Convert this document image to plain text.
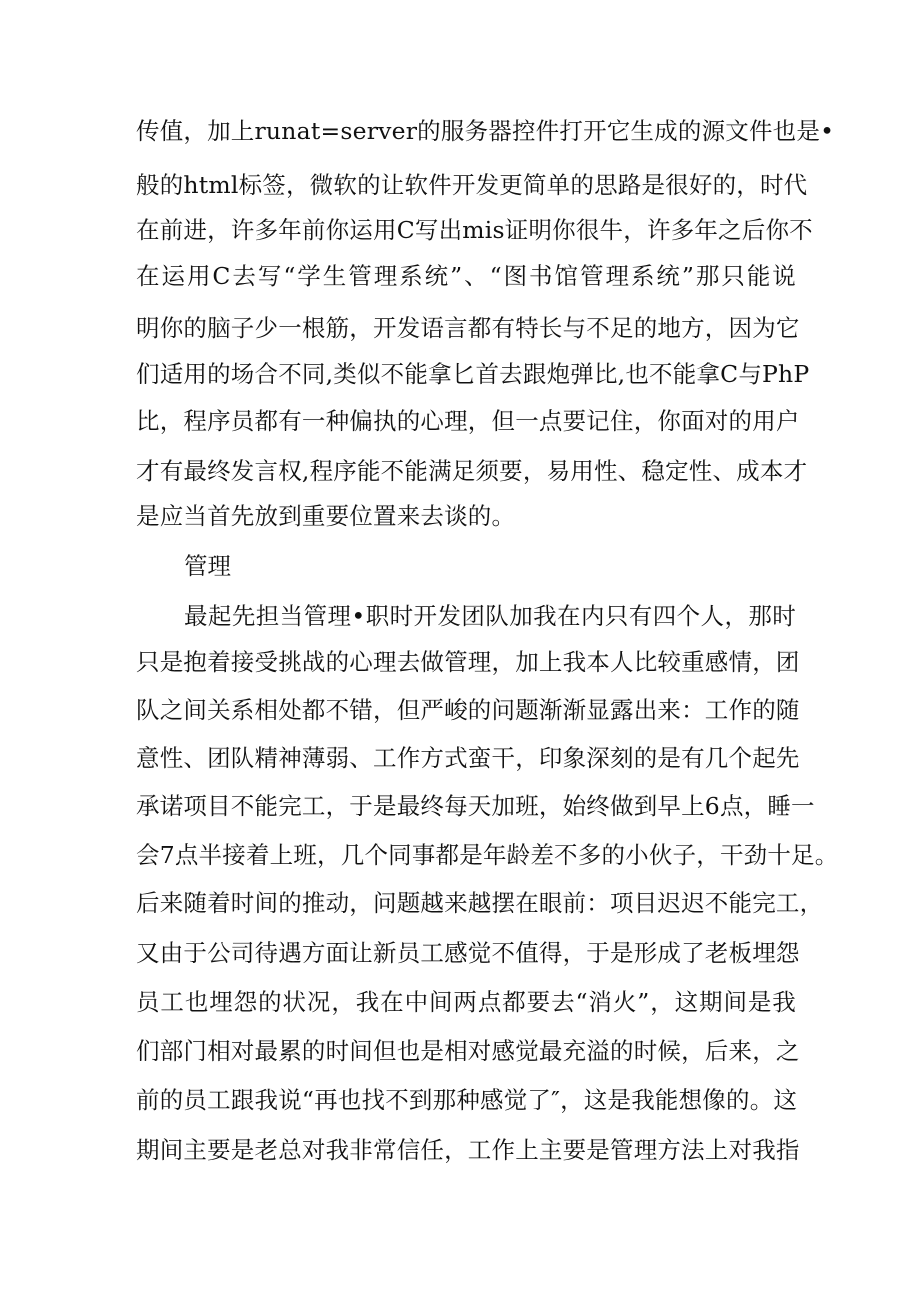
传值，加上runat=server的服务器控件打开它生成的源文件也是•
般的html标签，微软的让软件开发更简单的思路是很好的，时代
在前进，许多年前你运用C写出mis证明你很牛，许多年之后你不
在运用C去写“学生管理系统”、“图书馆管理系统”那只能说
明你的脑子少一根筋，开发语言都有特长与不足的地方，因为它
们适用的场合不同,类似不能拿匕首去跟炮弹比,也不能拿C与PhP
比，程序员都有一种偏执的心理，但一点要记住，你面对的用户
才有最终发言权,程序能不能满足须要，易用性、稳定性、成本才
是应当首先放到重要位置来去谈的。
管理
最起先担当管理•职时开发团队加我在内只有四个人，那时
只是抱着接受挑战的心理去做管理，加上我本人比较重感情，团
队之间关系相处都不错，但严峻的问题渐渐显露出来：工作的随
意性、团队精神薄弱、工作方式蛮干，印象深刻的是有几个起先
承诺项目不能完工，于是最终每天加班，始终做到早上6点，睡一
会7点半接着上班，几个同事都是年龄差不多的小伙子，干劲十足。
后来随着时间的推动，问题越来越摆在眼前：项目迟迟不能完工，
又由于公司待遇方面让新员工感觉不值得，于是形成了老板埋怨
员工也埋怨的状况，我在中间两点都要去“消火”，这期间是我
们部门相对最累的时间但也是相对感觉最充溢的时候，后来，之
前的员工跟我说“再也找不到那种感觉了″，这是我能想像的。这
期间主要是老总对我非常信任，工作上主要是管理方法上对我指
